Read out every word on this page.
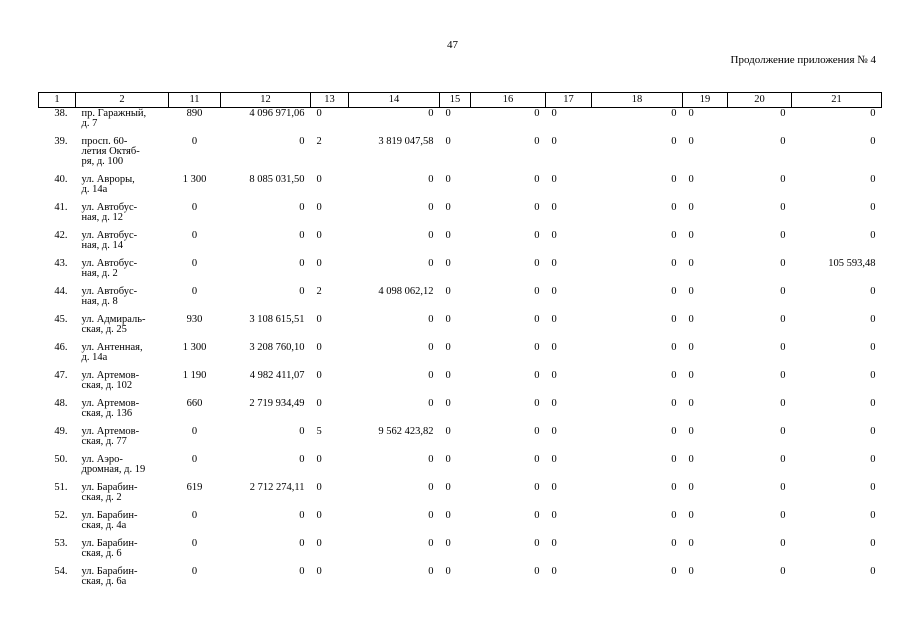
47
Продолжение приложения № 4
1	2	11	12	13	14	15	16	17	18	19	20	21

38.	пр. Гаражный,
д. 7	890	4 096 971,06	0	0	0	0	0	0	0	0	0

39.	просп. 60-
летия Октяб-
ря, д. 100	0	0	2	3 819 047,58	0	0	0	0	0	0	0

40.	ул. Авроры,
д. 14а	1 300	8 085 031,50	0	0	0	0	0	0	0	0	0

41.	ул. Автобус-
ная, д. 12	0	0	0	0	0	0	0	0	0	0	0

42.	ул. Автобус-
ная, д. 14	0	0	0	0	0	0	0	0	0	0	0

43.	ул. Автобус-
ная, д. 2	0	0	0	0	0	0	0	0	0	0	105 593,48

44.	ул. Автобус-
ная, д. 8	0	0	2	4 098 062,12	0	0	0	0	0	0	0

45.	ул. Адмираль-
ская, д. 25	930	3 108 615,51	0	0	0	0	0	0	0	0	0

46.	ул. Антенная,
д. 14а	1 300	3 208 760,10	0	0	0	0	0	0	0	0	0

47.	ул. Артемов-
ская, д. 102	1 190	4 982 411,07	0	0	0	0	0	0	0	0	0

48.	ул. Артемов-
ская, д. 136	660	2 719 934,49	0	0	0	0	0	0	0	0	0

49.	ул. Артемов-
ская, д. 77	0	0	5	9 562 423,82	0	0	0	0	0	0	0

50.	ул. Аэро-
дромная, д. 19	0	0	0	0	0	0	0	0	0	0	0

51.	ул. Барабин-
ская, д. 2	619	2 712 274,11	0	0	0	0	0	0	0	0	0

52.	ул. Барабин-
ская, д. 4а	0	0	0	0	0	0	0	0	0	0	0

53.	ул. Барабин-
ская, д. 6	0	0	0	0	0	0	0	0	0	0	0

54.	ул. Барабин-
ская, д. 6а	0	0	0	0	0	0	0	0	0	0	0
